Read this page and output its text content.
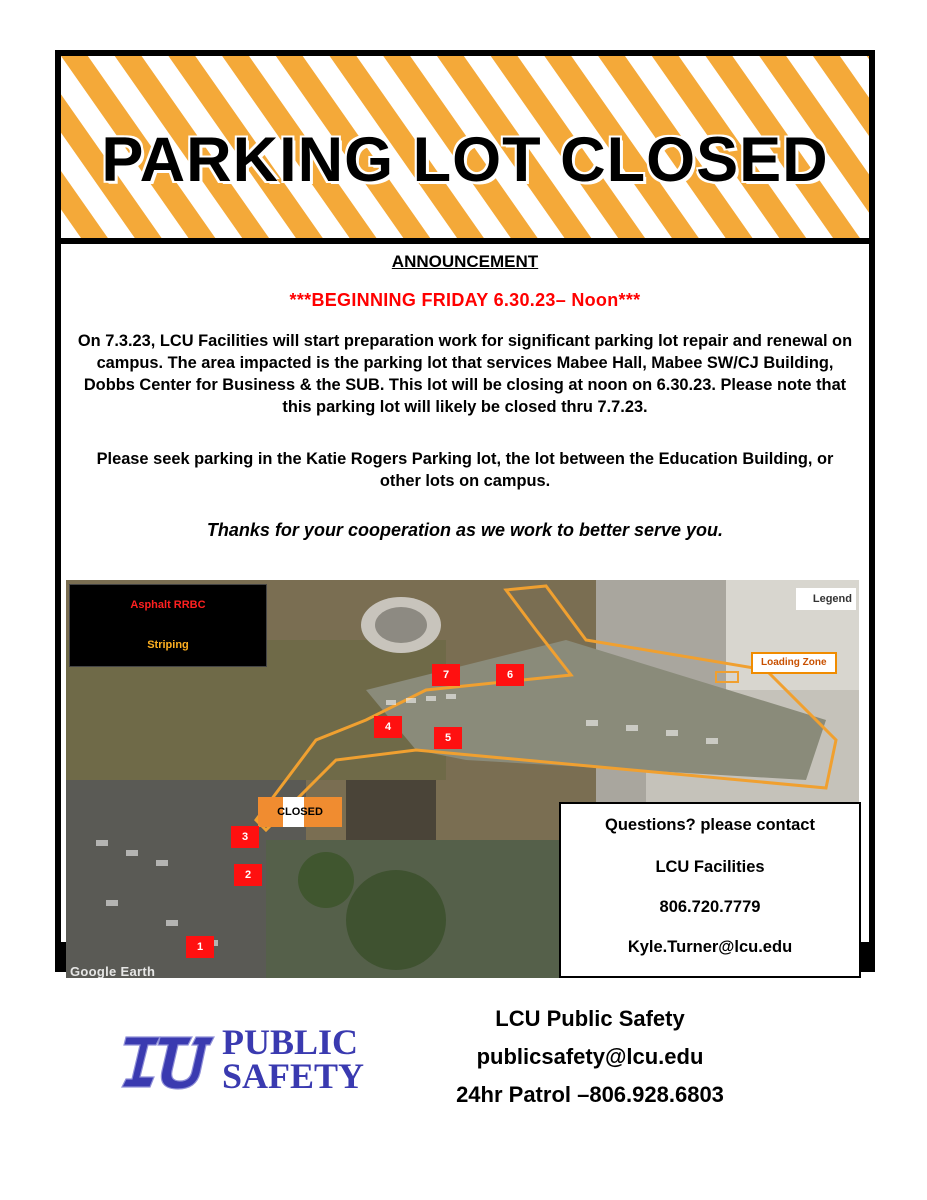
PARKING LOT CLOSED
ANNOUNCEMENT
***BEGINNING FRIDAY 6.30.23– Noon***
On 7.3.23, LCU Facilities will start preparation work for significant parking lot repair and renewal on campus. The area impacted is the parking lot that services Mabee Hall, Mabee SW/CJ Building, Dobbs Center for Business & the SUB. This lot will be closing at noon on 6.30.23. Please note that this parking lot will likely be closed thru 7.7.23.
Please seek parking in the Katie Rogers Parking lot, the lot between the Education Building, or other lots on campus.
Thanks for your cooperation as we work to better serve you.
Asphalt RRBC
Striping
Legend
Loading Zone
CLOSED
1
2
3
4
5
6
7
Google Earth
Questions? please contact
LCU Facilities
806.720.7779
Kyle.Turner@lcu.edu
PUBLIC
SAFETY
LCU Public Safety
publicsafety@lcu.edu
24hr Patrol –806.928.6803
